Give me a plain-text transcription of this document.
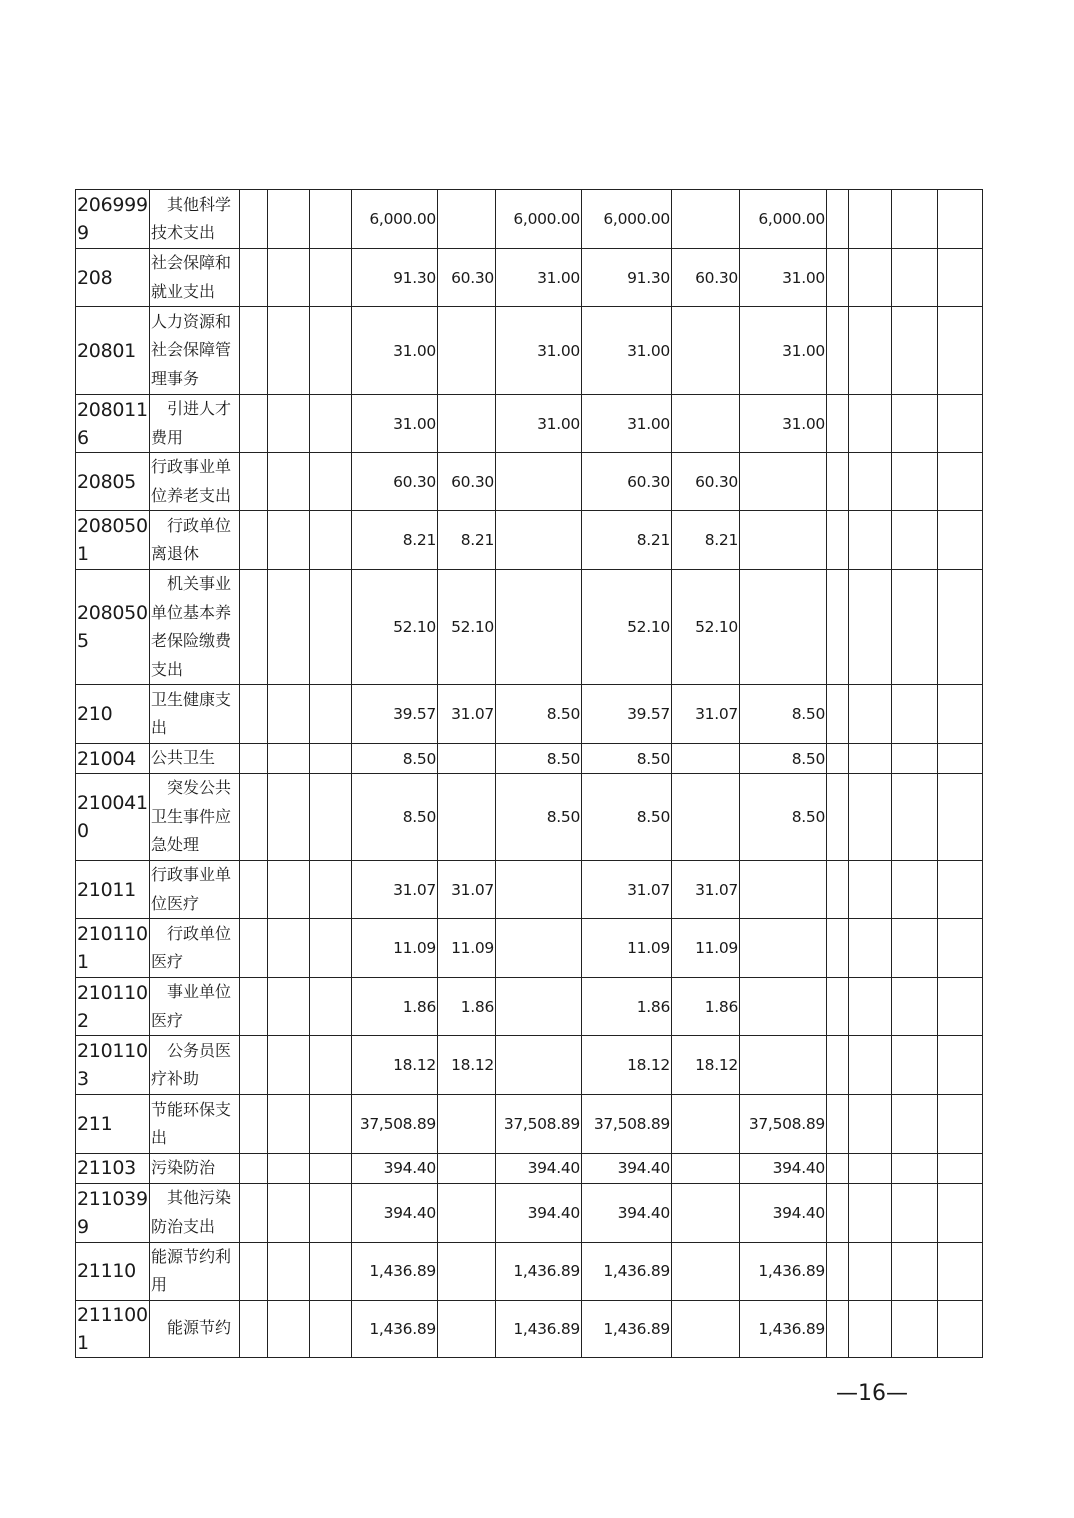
2069999	其他科学技术支出				6,000.00		6,000.00	6,000.00		6,000.00				
208	社会保障和就业支出				91.30	60.30	31.00	91.30	60.30	31.00				
20801	人力资源和社会保障管理事务				31.00		31.00	31.00		31.00				
2080116	引进人才费用				31.00		31.00	31.00		31.00				
20805	行政事业单位养老支出				60.30	60.30		60.30	60.30					
2080501	行政单位离退休				8.21	8.21		8.21	8.21					
2080505	机关事业单位基本养老保险缴费支出				52.10	52.10		52.10	52.10					
210	卫生健康支出				39.57	31.07	8.50	39.57	31.07	8.50				
21004	公共卫生				8.50		8.50	8.50		8.50				
2100410	突发公共卫生事件应急处理				8.50		8.50	8.50		8.50				
21011	行政事业单位医疗				31.07	31.07		31.07	31.07					
2101101	行政单位医疗				11.09	11.09		11.09	11.09					
2101102	事业单位医疗				1.86	1.86		1.86	1.86					
2101103	公务员医疗补助				18.12	18.12		18.12	18.12					
211	节能环保支出				37,508.89		37,508.89	37,508.89		37,508.89				
21103	污染防治				394.40		394.40	394.40		394.40				
2110399	其他污染防治支出				394.40		394.40	394.40		394.40				
21110	能源节约利用				1,436.89		1,436.89	1,436.89		1,436.89				
2111001	能源节约				1,436.89		1,436.89	1,436.89		1,436.89				
—16—
